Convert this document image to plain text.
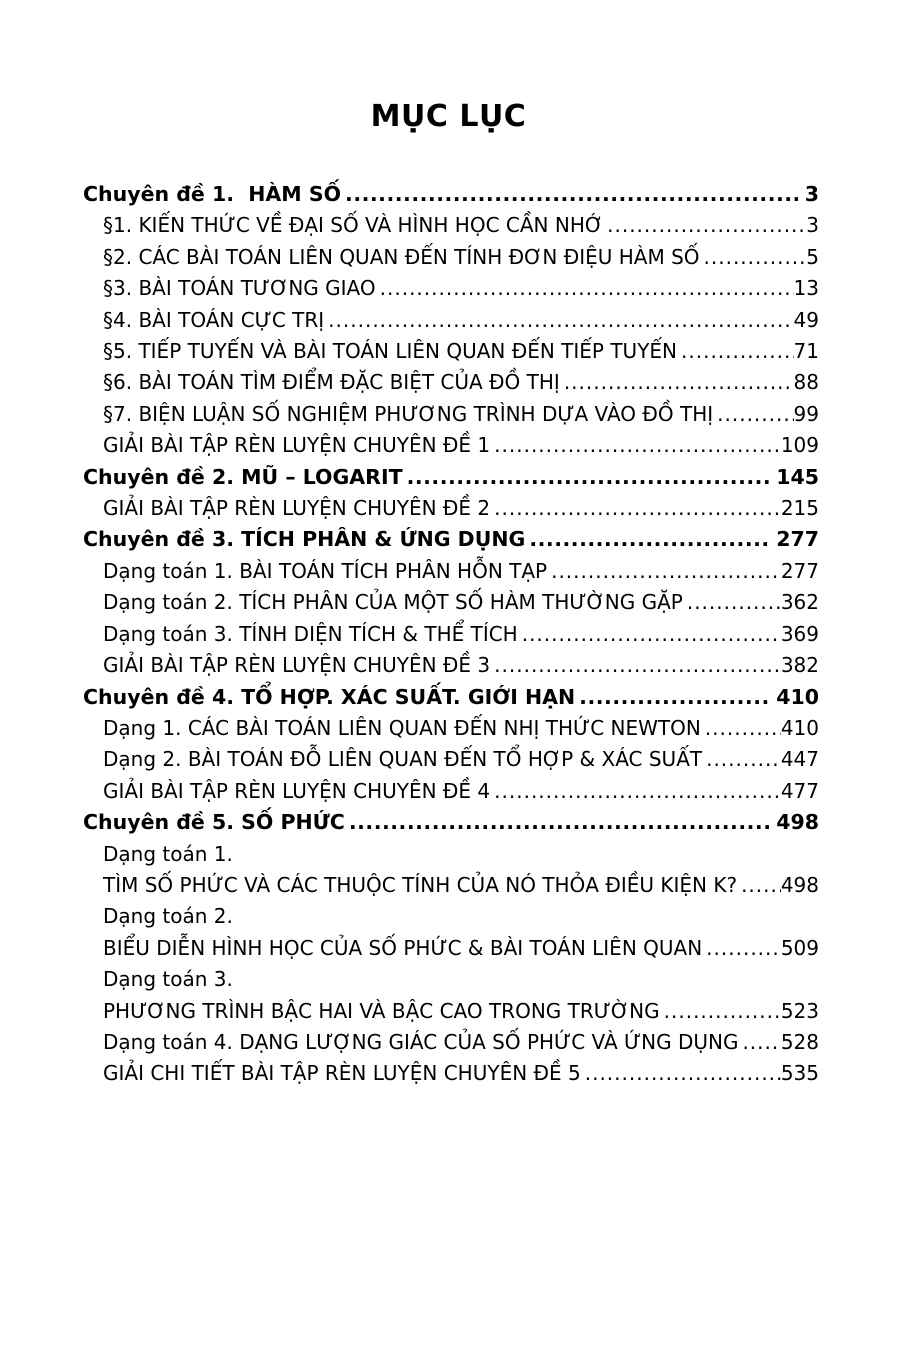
MỤC LỤC
Chuyên đề 1.  HÀM SỐ .....	3
§1. KIẾN THỨC VỀ ĐẠI SỐ VÀ HÌNH HỌC CẦN NHỚ .....	3
§2. CÁC BÀI TOÁN LIÊN QUAN ĐẾN TÍNH ĐƠN ĐIỆU HÀM SỐ .....	5
§3. BÀI TOÁN TƯƠNG GIAO .....	13
§4. BÀI TOÁN CỰC TRỊ .....	49
§5. TIẾP TUYẾN VÀ BÀI TOÁN LIÊN QUAN ĐẾN TIẾP TUYẾN .....	71
§6. BÀI TOÁN TÌM ĐIỂM ĐẶC BIỆT CỦA ĐỒ THỊ .....	88
§7. BIỆN LUẬN SỐ NGHIỆM PHƯƠNG TRÌNH DỰA VÀO ĐỒ THỊ .....	99
GIẢI BÀI TẬP RÈN LUYỆN CHUYÊN ĐỀ 1 .....	109
Chuyên đề 2. MŨ – LOGARIT .....	145
GIẢI BÀI TẬP RÈN LUYỆN CHUYÊN ĐỀ 2 .....	215
Chuyên đề 3. TÍCH PHÂN & ỨNG DỤNG .....	277
Dạng toán 1. BÀI TOÁN TÍCH PHÂN HỖN TẠP .....	277
Dạng toán 2. TÍCH PHÂN CỦA MỘT SỐ HÀM THƯỜNG GẶP .....	362
Dạng toán 3. TÍNH DIỆN TÍCH & THỂ TÍCH .....	369
GIẢI BÀI TẬP RÈN LUYỆN CHUYÊN ĐỀ 3 .....	382
Chuyên đề 4. TỔ HỢP. XÁC SUẤT. GIỚI HẠN .....	410
Dạng 1. CÁC BÀI TOÁN LIÊN QUAN ĐẾN NHỊ THỨC NEWTON .....	410
Dạng 2. BÀI TOÁN ĐỖ LIÊN QUAN ĐẾN TỔ HỢP & XÁC SUẤT .....	447
GIẢI BÀI TẬP RÈN LUYỆN CHUYÊN ĐỀ 4 .....	477
Chuyên đề 5. SỐ PHỨC .....	498
Dạng toán 1.
TÌM SỐ PHỨC VÀ CÁC THUỘC TÍNH CỦA NÓ THỎA ĐIỀU KIỆN K? ..... 498
Dạng toán 2.
BIỂU DIỄN HÌNH HỌC CỦA SỐ PHỨC & BÀI TOÁN LIÊN QUAN .....	509
Dạng toán 3.
PHƯƠNG TRÌNH BẬC HAI VÀ BẬC CAO TRONG TRƯỜNG .....	523
Dạng toán 4. DẠNG LƯỢNG GIÁC CỦA SỐ PHỨC VÀ ỨNG DỤNG ..... 528
GIẢI CHI TIẾT BÀI TẬP RÈN LUYỆN CHUYÊN ĐỀ 5 .....	535
